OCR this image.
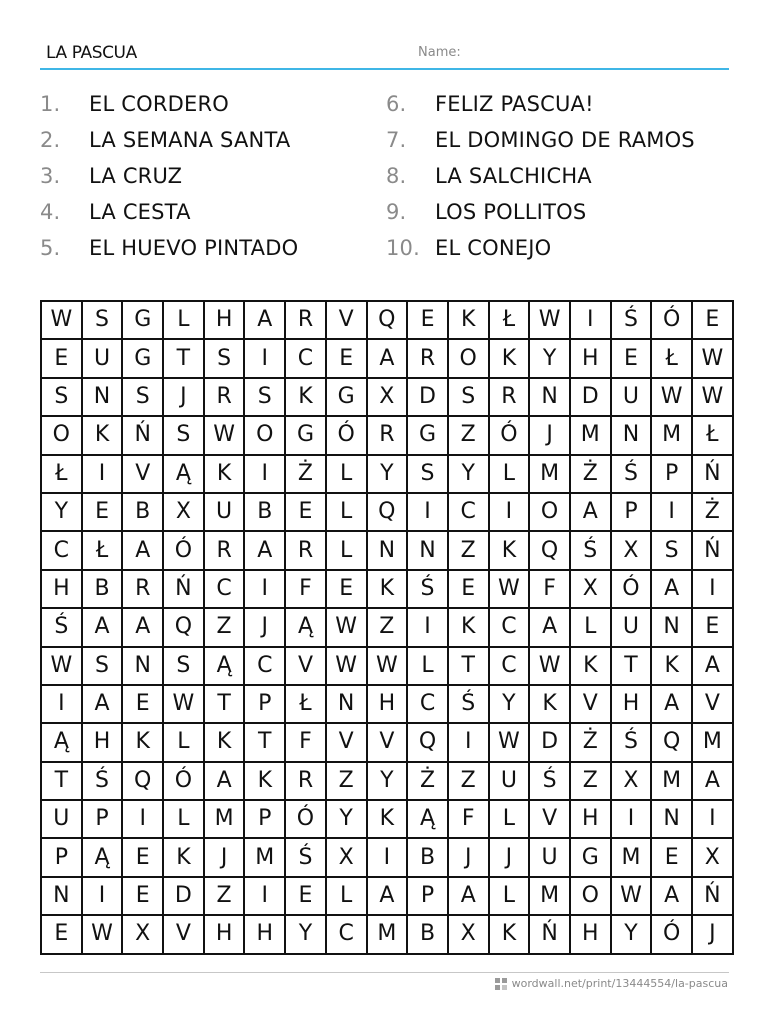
LA PASCUA	Name:
1.	EL CORDERO
2.	LA SEMANA SANTA
3.	LA CRUZ
4.	LA CESTA
5.	EL HUEVO PINTADO
6.	FELIZ PASCUA!
7.	EL DOMINGO DE RAMOS
8.	LA SALCHICHA
9.	LOS POLLITOS
10. EL CONEJO
W	S	G	L	H	A	R	V	Q	E	K	Ł	W	I	Ś	Ó	E
E	U	G	T	S	I	C	E	A	R	O	K	Y	H	E	Ł	W
S	N	S	J	R	S	K	G	X	D	S	R	N	D	U	W	W
O	K	Ń	S	W	O	G	Ó	R	G	Z	Ó	J	M	N	M	Ł
Ł	I	V	Ą	K	I	Ż	L	Y	S	Y	L	M	Ż	Ś	P	Ń
Y	E	B	X	U	B	E	L	Q	I	C	I	O	A	P	I	Ż
C	Ł	A	Ó	R	A	R	L	N	N	Z	K	Q	Ś	X	S	Ń
H	B	R	Ń	C	I	F	E	K	Ś	E	W	F	X	Ó	A	I
Ś	A	A	Q	Z	J	Ą	W	Z	I	K	C	A	L	U	N	E
W	S	N	S	Ą	C	V	W	W	L	T	C	W	K	T	K	A
I	A	E	W	T	P	Ł	N	H	C	Ś	Y	K	V	H	A	V
Ą	H	K	L	K	T	F	V	V	Q	I	W	D	Ż	Ś	Q	M
T	Ś	Q	Ó	A	K	R	Z	Y	Ż	Z	U	Ś	Z	X	M	A
U	P	I	L	M	P	Ó	Y	K	Ą	F	L	V	H	I	N	I
P	Ą	E	K	J	M	Ś	X	I	B	J	J	U	G	M	E	X
N	I	E	D	Z	I	E	L	A	P	A	L	M	O	W	A	Ń
E	W	X	V	H	H	Y	C	M	B	X	K	Ń	H	Y	Ó	J
wordwall.net/print/13444554/la-pascua
